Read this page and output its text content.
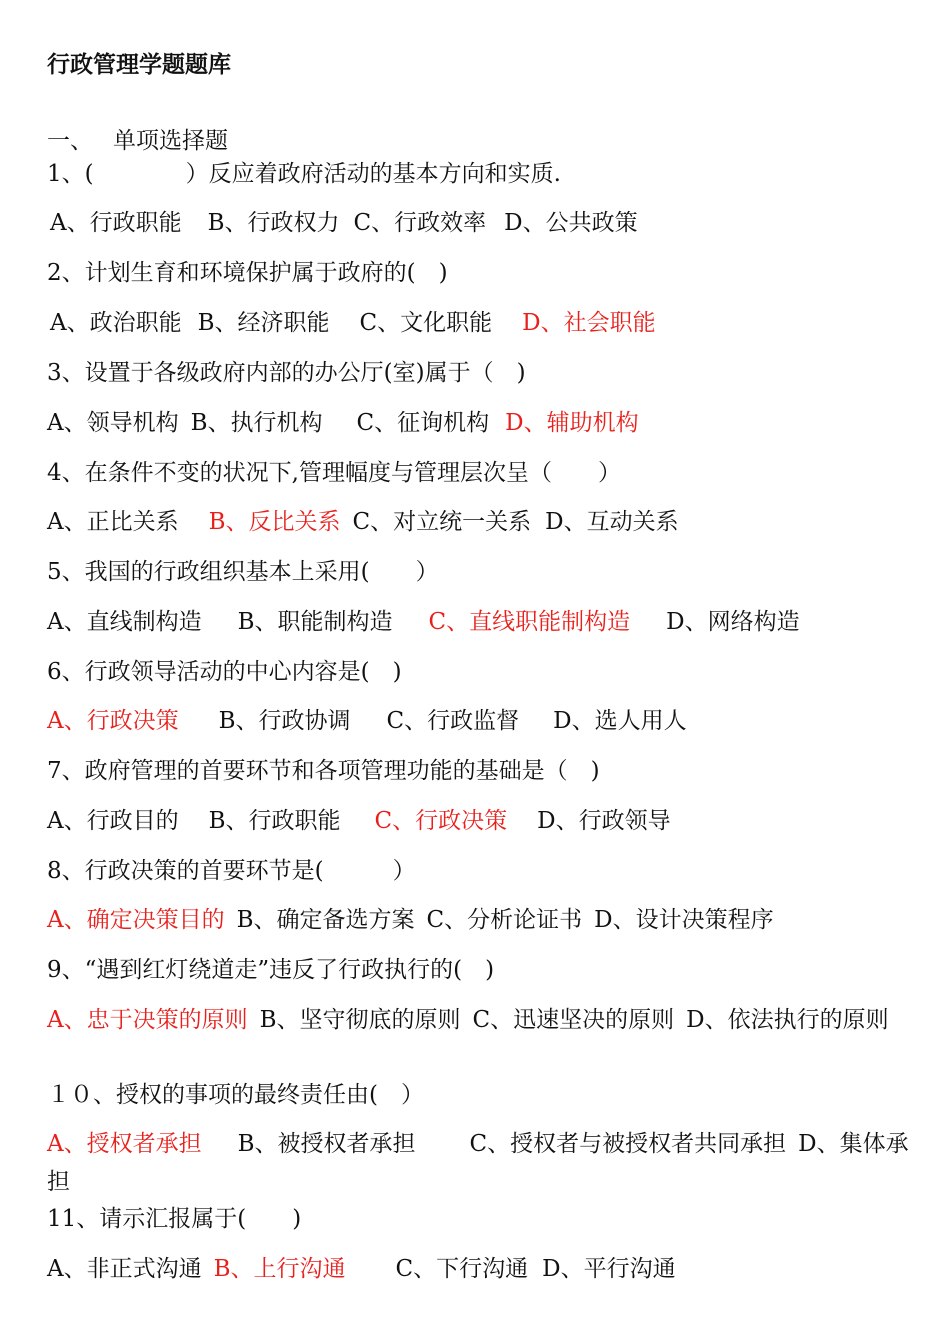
行政管理学题题库
一、 单项选择题
1、(　　　　）反应着政府活动的基本方向和实质.
A、行政职能 B、行政权力 C、行政效率 D、公共政策
2、计划生育和环境保护属于政府的(　)
A、政治职能 B、经济职能 C、文化职能 D、社会职能
3、设置于各级政府内部的办公厅(室)属于（　)
A、领导机构 B、执行机构 C、征询机构 D、辅助机构
4、在条件不变的状况下,管理幅度与管理层次呈（　　）
A、正比关系 B、反比关系 C、对立统一关系 D、互动关系
5、我国的行政组织基本上采用(　　）
A、直线制构造 B、职能制构造 C、直线职能制构造 D、网络构造
6、行政领导活动的中心内容是(　)
A、行政决策 B、行政协调 C、行政监督 D、选人用人
7、政府管理的首要环节和各项管理功能的基础是（　)
A、行政目的 B、行政职能 C、行政决策 D、行政领导
8、行政决策的首要环节是(　　　）
A、确定决策目的 B、确定备选方案 C、分析论证书 D、设计决策程序
9、“遇到红灯绕道走”违反了行政执行的(　)
A、忠于决策的原则 B、坚守彻底的原则 C、迅速坚决的原则 D、依法执行的原则
１０、授权的事项的最终责任由(　）
A、授权者承担 B、被授权者承担 C、授权者与被授权者共同承担 D、集体承担
11、请示汇报属于(　　)
A、非正式沟通 B、上行沟通 C、下行沟通 D、平行沟通
